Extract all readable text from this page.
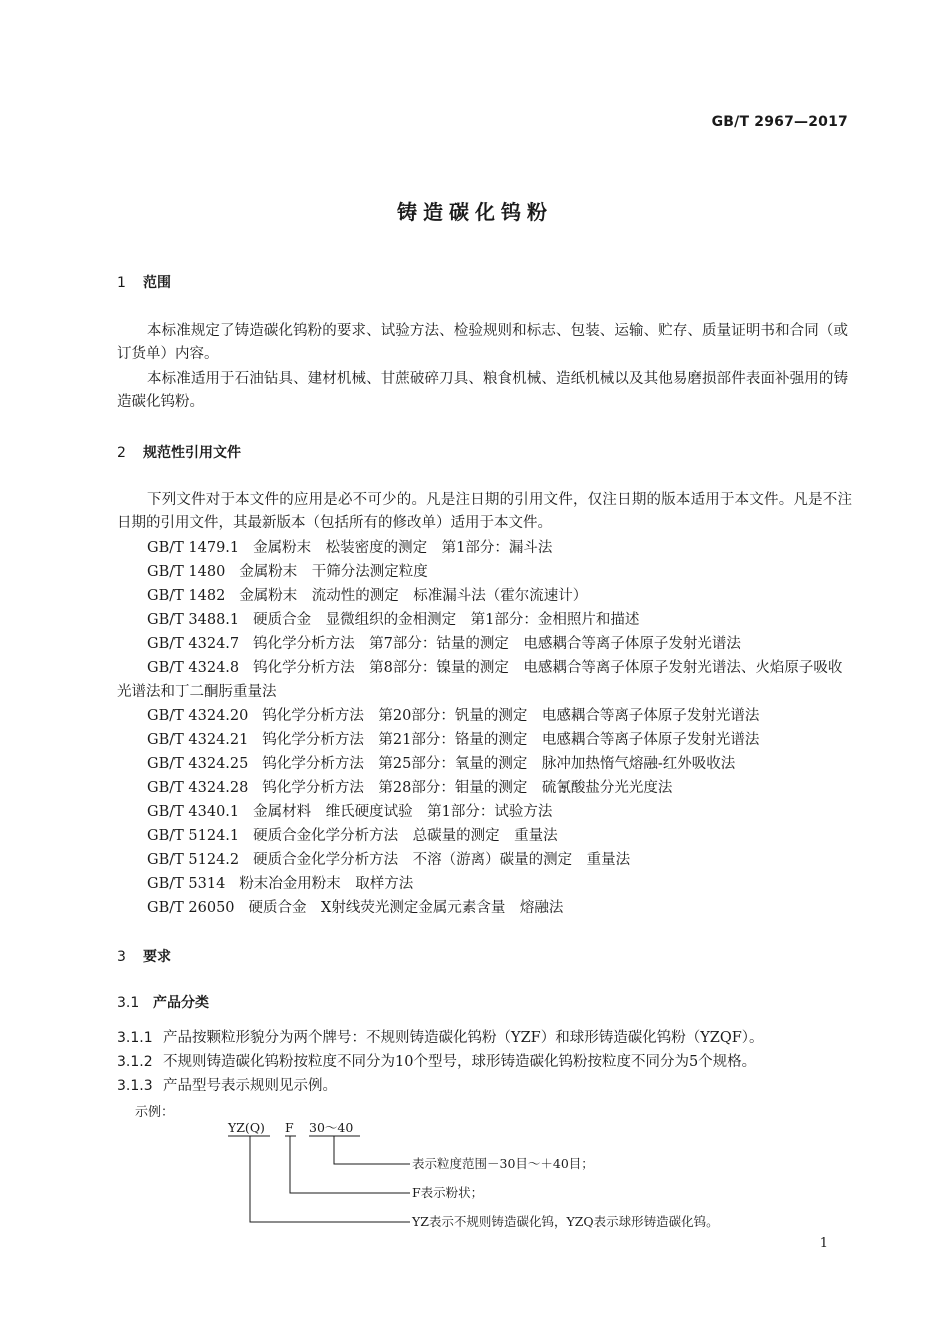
GB/T 2967—2017
铸造碳化钨粉
1 范围
本标准规定了铸造碳化钨粉的要求、试验方法、检验规则和标志、包装、运输、贮存、质量证明书和合同（或订货单）内容。
本标准适用于石油钻具、建材机械、甘蔗破碎刀具、粮食机械、造纸机械以及其他易磨损部件表面补强用的铸造碳化钨粉。
2 规范性引用文件
下列文件对于本文件的应用是必不可少的。凡是注日期的引用文件，仅注日期的版本适用于本文件。凡是不注日期的引用文件，其最新版本（包括所有的修改单）适用于本文件。
GB/T 1479.1 金属粉末　松装密度的测定　第1部分：漏斗法
GB/T 1480 金属粉末　干筛分法测定粒度
GB/T 1482 金属粉末　流动性的测定　标准漏斗法（霍尔流速计）
GB/T 3488.1 硬质合金　显微组织的金相测定　第1部分：金相照片和描述
GB/T 4324.7 钨化学分析方法　第7部分：钴量的测定　电感耦合等离子体原子发射光谱法
GB/T 4324.8 钨化学分析方法　第8部分：镍量的测定　电感耦合等离子体原子发射光谱法、火焰原子吸收光谱法和丁二酮肟重量法
GB/T 4324.20 钨化学分析方法　第20部分：钒量的测定　电感耦合等离子体原子发射光谱法
GB/T 4324.21 钨化学分析方法　第21部分：铬量的测定　电感耦合等离子体原子发射光谱法
GB/T 4324.25 钨化学分析方法　第25部分：氧量的测定　脉冲加热惰气熔融-红外吸收法
GB/T 4324.28 钨化学分析方法　第28部分：钼量的测定　硫氰酸盐分光光度法
GB/T 4340.1 金属材料　维氏硬度试验　第1部分：试验方法
GB/T 5124.1 硬质合金化学分析方法　总碳量的测定　重量法
GB/T 5124.2 硬质合金化学分析方法　不溶（游离）碳量的测定　重量法
GB/T 5314 粉末冶金用粉末　取样方法
GB/T 26050 硬质合金　X射线荧光测定金属元素含量　熔融法
3 要求
3.1 产品分类
3.1.1 产品按颗粒形貌分为两个牌号：不规则铸造碳化钨粉（YZF）和球形铸造碳化钨粉（YZQF）。
3.1.2 不规则铸造碳化钨粉按粒度不同分为10个型号，球形铸造碳化钨粉按粒度不同分为5个规格。
3.1.3 产品型号表示规则见示例。
示例：
YZ(Q) F 30～40
表示粒度范围－30目～＋40目；
F表示粉状；
YZ表示不规则铸造碳化钨，YZQ表示球形铸造碳化钨。
1
